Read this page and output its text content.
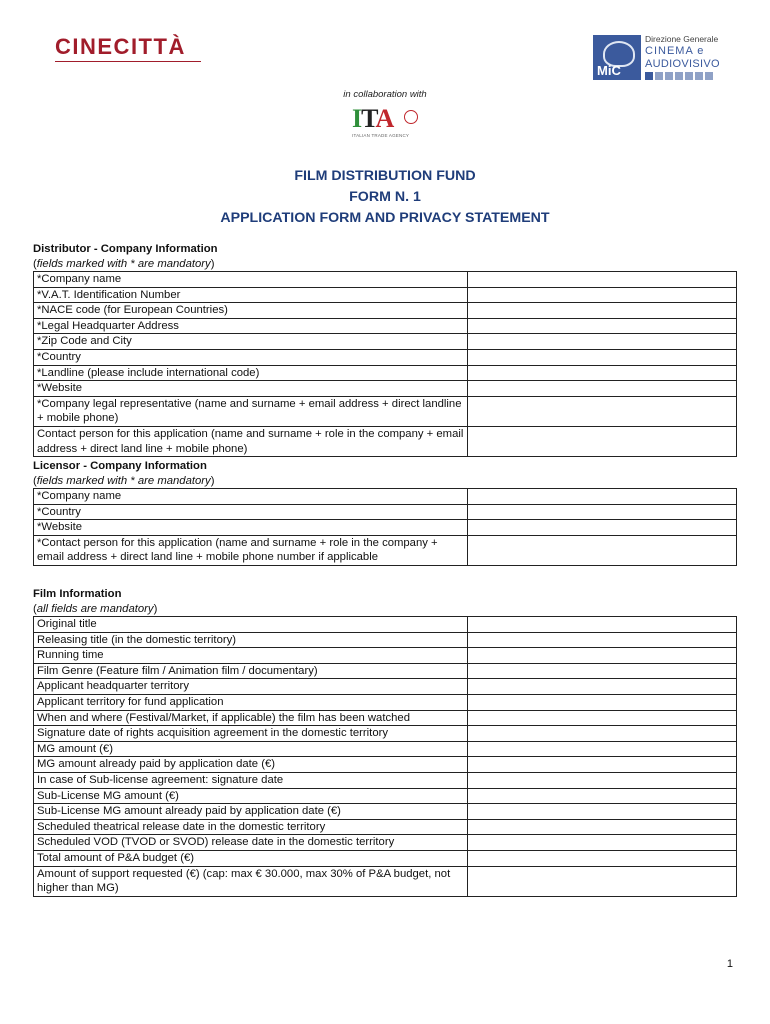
CINECITTÀ
MiC
Direzione Generale
CINEMA e
AUDIOVISIVO
in collaboration with
ITA
ITALIAN TRADE AGENCY
FILM DISTRIBUTION FUND
FORM N. 1
APPLICATION FORM AND PRIVACY STATEMENT
Distributor - Company Information
(fields marked with * are mandatory)
*Company name	
*V.A.T. Identification Number	
*NACE code (for European Countries)	
*Legal Headquarter Address	
*Zip Code and City	
*Country	
*Landline (please include international code)	
*Website	
*Company legal representative (name and surname + email address + direct landline + mobile phone)	
Contact person for this application (name and surname + role in the company + email address + direct land line + mobile phone)	
Licensor - Company Information
(fields marked with * are mandatory)
*Company name	
*Country	
*Website	
*Contact person for this application (name and surname + role in the company + email address + direct land line + mobile phone number if applicable	
Film Information
(all fields are mandatory)
Original title	
Releasing title (in the domestic territory)	
Running time	
Film Genre (Feature film / Animation film / documentary)	
Applicant headquarter territory	
Applicant territory for fund application	
When and where (Festival/Market, if applicable) the film has been watched	
Signature date of rights acquisition agreement in the domestic territory	
MG amount (€)	
MG amount already paid by application date (€)	
In case of Sub-license agreement: signature date	
Sub-License MG amount (€)	
Sub-License MG amount already paid by application date (€)	
Scheduled theatrical release date in the domestic territory	
Scheduled VOD (TVOD or SVOD) release date in the domestic territory	
Total amount of P&A budget (€)	
Amount of support requested (€) (cap: max € 30.000, max 30% of P&A budget, not higher than MG)	
1
